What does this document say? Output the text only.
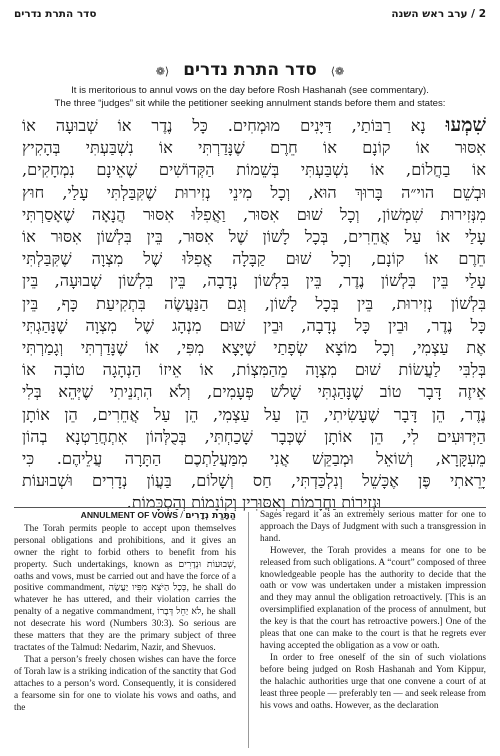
2 / ערב ראש השנה
סדר התרת נדרים
❁⟩ סדר התרת נדרים ⟨❁
It is meritorious to annul vows on the day before Rosh Hashanah (see commentary).
The three “judges” sit while the petitioner seeking annulment stands before them and states:
שִׁמְעוּ נָא רַבּוֹתַי, דַּיָּנִים מוּמְחִים. כָּל נֶדֶר אוֹ שְׁבוּעָה אוֹ
אִסּוּר אוֹ קוֹנָם אוֹ חֵרֶם שֶׁנָּדַרְתִּי אוֹ נִשְׁבַּעְתִּי בְּהָקִיץ
אוֹ בַחֲלוֹם, אוֹ נִשְׁבַּעְתִּי בְּשֵׁמוֹת הַקְּדוֹשִׁים שֶׁאֵינָם נִמְחָקִים,
וּבְשֵׁם הוי״ה בָּרוּךְ הוּא, וְכָל מִינֵי נְזִירוּת שֶׁקִּבַּלְתִּי עָלַי, חוּץ
מִנְּזִירוּת שִׁמְשׁוֹן, וְכָל שׁוּם אִסּוּר, וַאֲפִלּוּ אִסּוּר הֲנָאָה שֶׁאָסַרְתִּי
עָלַי אוֹ עַל אֲחֵרִים, בְּכָל לָשׁוֹן שֶׁל אִסּוּר, בֵּין בִּלְשׁוֹן אִסּוּר אוֹ
חֵרֶם אוֹ קוֹנָם, וְכָל שׁוּם קַבָּלָה אֲפִלּוּ שֶׁל מִצְוָה שֶׁקִּבַּלְתִּי
עָלַי בֵּין בִּלְשׁוֹן נֶדֶר, בֵּין בִּלְשׁוֹן נְדָבָה, בֵּין בִּלְשׁוֹן שְׁבוּעָה, בֵּין
בִּלְשׁוֹן נְזִירוּת, בֵּין בְּכָל לָשׁוֹן, וְגַם הַנַּעֲשֶׂה בִּתְקִיעַת כָּף, בֵּין
כָּל נֶדֶר, וּבֵין כָּל נְדָבָה, וּבֵין שׁוּם מִנְהָג שֶׁל מִצְוָה שֶׁנָּהַגְתִּי
אֶת עַצְמִי, וְכָל מוֹצָא שְׂפָתַי שֶׁיָּצָא מִפִּי, אוֹ שֶׁנָּדַרְתִּי וְגָמַרְתִּי
בְּלִבִּי לַעֲשׂוֹת שׁוּם מִצְוָה מֵהַמִּצְוֹת, אוֹ אֵיזוֹ הַנְהָגָה טוֹבָה אוֹ
אֵיזֶה דָּבָר טוֹב שֶׁנָּהַגְתִּי שָׁלֹשׁ פְּעָמִים, וְלֹא הִתְנֵיתִי שֶׁיְּהֵא בְּלִי
נֶדֶר, הֵן דָּבָר שֶׁעָשִׂיתִי, הֵן עַל עַצְמִי, הֵן עַל אֲחֵרִים, הֵן אוֹתָן
הַיְּדוּעִים לִי, הֵן אוֹתָן שֶׁכְּבָר שָׁכַחְתִּי, בְּכֻלְּהוֹן אִתְחֲרַטְנָא בְהוֹן
מֵעִקָּרָא, וְשׁוֹאֵל וּמְבַקֵּשׁ אֲנִי מִמַּעֲלַתְכֶם הַתָּרָה עֲלֵיהֶם. כִּי
יָרֵאתִי פֶּן אֶכָּשֵׁל וְנִלְכַּדְתִּי, חַס וְשָׁלוֹם, בַּעֲוֹן נְדָרִים וּשְׁבוּעוֹת
וּנְזִירוֹת וַחֲרָמוֹת וְאִסּוּרִין וְקוֹנָמוֹת וְהַסְכָּמוֹת.
הַתָּרַת נְדָרִים / ANNULMENT OF VOWS

The Torah permits people to accept upon themselves personal obligations and prohibitions, and it gives an owner the right to forbid others to benefit from his property. Such undertakings, known as שְׁבוּעוֹת וּנְדָרִים, oaths and vows, must be carried out and have the force of a positive commandment, כְּכָל הַיֹּצֵא מִפִּיו יַעֲשֶׂה, he shall do whatever he has uttered, and their violation carries the penalty of a negative commandment, לֹא יַחֵל דְּבָרוֹ, he shall not desecrate his word (Numbers 30:3). So serious are these matters that they are the primary subject of three tractates of the Talmud: Nedarim, Nazir, and Shevuos.

That a person’s freely chosen wishes can have the force of Torah law is a striking indication of the sanctity that God attaches to a person’s word. Consequently, it is considered a fearsome sin for one to violate his vows and oaths, and the

Sages regard it as an extremely serious matter for one to approach the Days of Judgment with such a transgression in hand.

However, the Torah provides a means for one to be released from such obligations. A “court” composed of three knowledgeable people has the authority to decide that the oath or vow was undertaken under a mistaken impression and they may annul the obligation retroactively. [This is an oversimplified explanation of the process of annulment, but the key is that the court has retroactive powers.] One of the pleas that one can make to the court is that he regrets ever having accepted the obligation as a vow or oath.

In order to free oneself of the sin of such violations before being judged on Rosh Hashanah and Yom Kippur, the halachic authorities urge that one convene a court of at least three people — preferably ten — and seek release from his vows and oaths. However, as the declaration
